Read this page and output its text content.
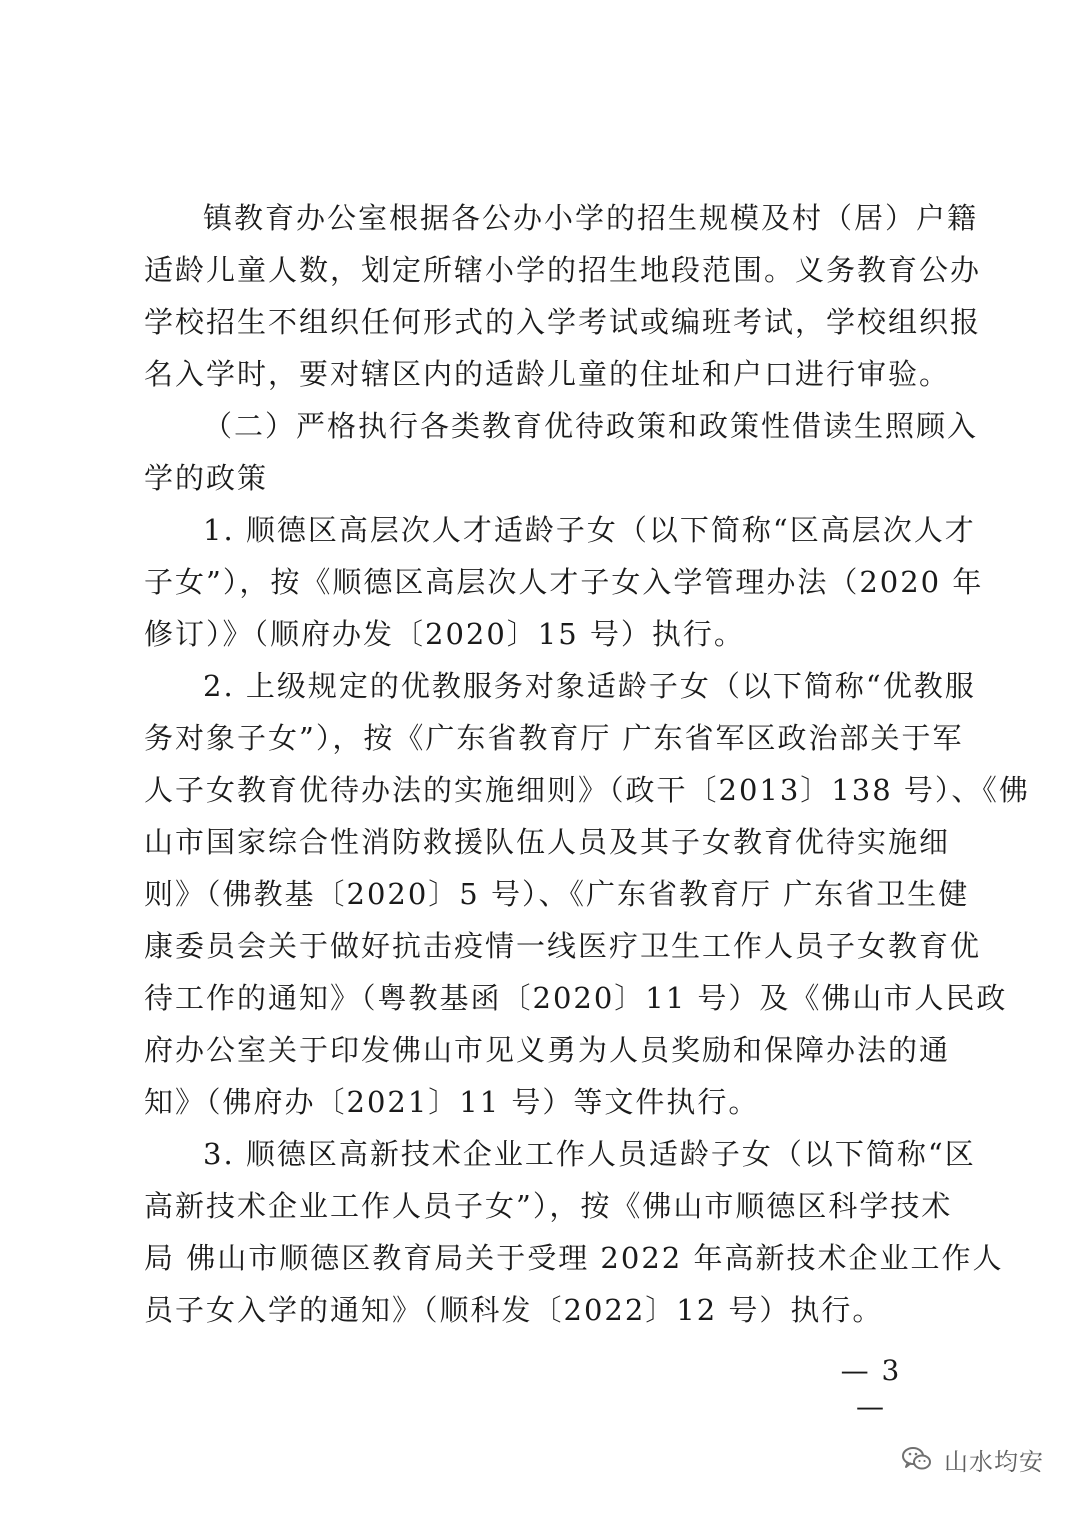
镇教育办公室根据各公办小学的招生规模及村（居）户籍
适龄儿童人数，划定所辖小学的招生地段范围。义务教育公办
学校招生不组织任何形式的入学考试或编班考试，学校组织报
名入学时，要对辖区内的适龄儿童的住址和户口进行审验。
（二）严格执行各类教育优待政策和政策性借读生照顾入
学的政策
1. 顺德区高层次人才适龄子女（以下简称“区高层次人才
子女”），按《顺德区高层次人才子女入学管理办法（2020 年
修订）》（顺府办发〔2020〕15 号）执行。
2. 上级规定的优教服务对象适龄子女（以下简称“优教服
务对象子女”），按《广东省教育厅 广东省军区政治部关于军
人子女教育优待办法的实施细则》（政干〔2013〕138 号）、《佛
山市国家综合性消防救援队伍人员及其子女教育优待实施细
则》（佛教基〔2020〕5 号）、《广东省教育厅 广东省卫生健
康委员会关于做好抗击疫情一线医疗卫生工作人员子女教育优
待工作的通知》（粤教基函〔2020〕11 号）及《佛山市人民政
府办公室关于印发佛山市见义勇为人员奖励和保障办法的通
知》（佛府办〔2021〕11 号）等文件执行。
3. 顺德区高新技术企业工作人员适龄子女（以下简称“区
高新技术企业工作人员子女”），按《佛山市顺德区科学技术
局 佛山市顺德区教育局关于受理 2022 年高新技术企业工作人
员子女入学的通知》（顺科发〔2022〕12 号）执行。
— 3 —
山水均安
